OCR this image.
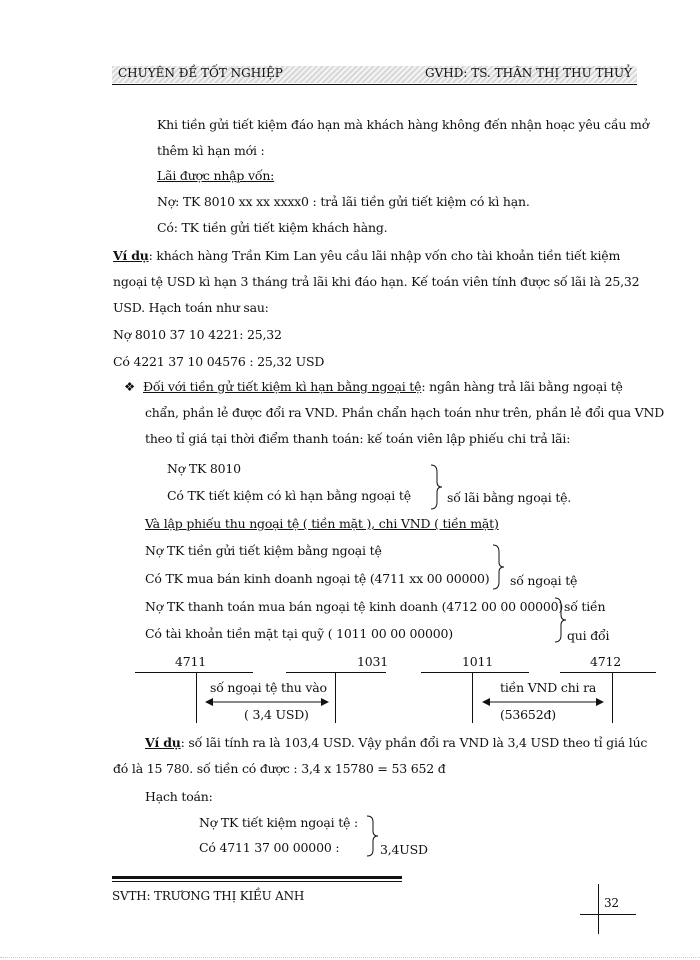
CHUYÊN ĐỀ TỐT NGHIỆP	GVHD: TS. THÂN THỊ THU THUỶ
Khi tiền gửi tiết kiệm đáo hạn mà khách hàng không đến nhận hoạc yêu cầu mở
thêm kì hạn mới :
Lãi được nhập vốn:
Nợ: TK 8010 xx xx xxxx0 : trả lãi tiền gửi tiết kiệm có kì hạn.
Có: TK tiền gửi tiết kiệm khách hàng.
Ví dụ: khách hàng Trần Kim Lan yêu cầu lãi nhập vốn cho tài khoản tiền tiết kiệm
ngoại tệ USD kì hạn 3 tháng trả lãi khi đáo hạn. Kế toán viên tính được số lãi là 25,32
USD. Hạch toán như sau:
Nợ 8010 37 10 4221: 25,32
Có 4221 37 10 04576 : 25,32 USD
❖ Đối với tiền gử tiết kiệm kì hạn bằng ngoại tệ: ngân hàng trả lãi bằng ngoại tệ
chẩn, phần lẻ được đổi ra VND. Phần chẩn hạch toán như trên, phần lẻ đổi qua VND
theo tỉ giá tại thời điểm thanh toán: kế toán viên lập phiếu chi trả lãi:
Nợ TK 8010
Có TK tiết kiệm có kì hạn bằng ngoại tệ	số lãi bằng ngoại tệ.
Và lập phiếu thu ngoại tệ ( tiền mặt ), chi VND ( tiền mặt)
Nợ TK tiền gửi tiết kiệm bằng ngoại tệ
Có TK mua bán kinh doanh ngoại tệ (4711 xx 00 00000) số ngoại tệ
Nợ TK thanh toán mua bán ngoại tệ kinh doanh (4712 00 00 00000)
Có tài khoản tiền mặt tại quỹ ( 1011 00 00 00000)
số tiền
qui đổi
4711	1031	1011	4712
số ngoại tệ thu vào
( 3,4 USD)
tiền VND chi ra
(53652đ)
Ví dụ: số lãi tính ra là 103,4 USD. Vậy phần đổi ra VND là 3,4 USD theo tỉ giá lúc
đó là 15 780. số tiền có được : 3,4 x 15780 = 53 652 đ
Hạch toán:
Nợ TK tiết kiệm ngoại tệ :
Có 4711 37 00 00000 :	3,4USD
SVTH: TRƯƠNG THỊ KIỀU ANH	32
